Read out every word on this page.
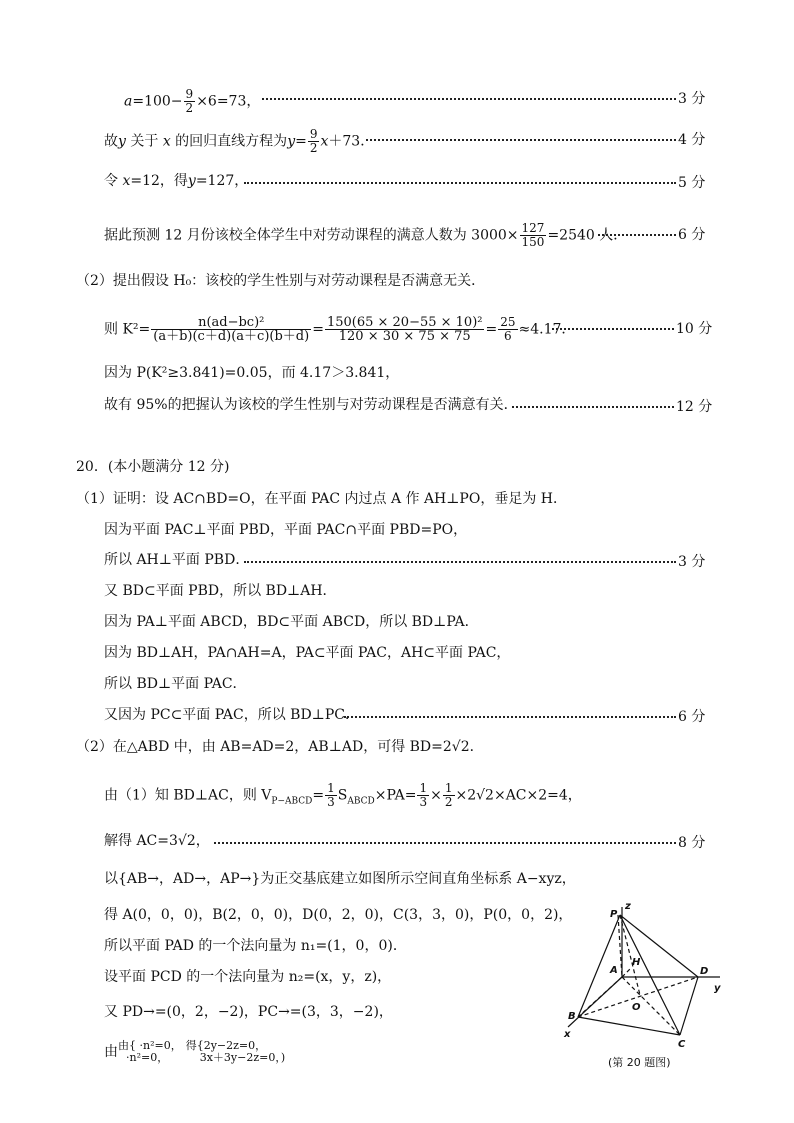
$a=100- \frac{9}{2} \times 6=73$，	3 分
故y 关于 x 的回归直线方程为$y= \frac{9}{2} x+73$．	4 分
令 x=12，得y=127，	5 分
据此预测 12 月份该校全体学生中对劳动课程的满意人数为 $3000\times \frac{127}{150} =2540$ 人．	6 分
（2）提出假设 H₀：该校的学生性别与对劳动课程是否满意无关．
则 $K^2= \frac{\text{n(ad−bc)²}}{(a+b)(c+d)(a+c)(b+d)} = \frac{\text{150(65 × 20−55 × 10)²}}{120 \times 30 \times 75 \times 75} = \frac{25}{6} \approx 4.17$．	10 分
因为 P(K²≥3.841)=0.05，而 4.17＞3.841，
故有 95%的把握认为该校的学生性别与对劳动课程是否满意有关．	12 分
20．(本小题满分 12 分)
（1）证明：设 AC∩BD=O，在平面 PAC 内过点 A 作 AH⊥PO，垂足为 H．
因为平面 PAC⊥平面 PBD，平面 PAC∩平面 PBD=PO，
所以 AH⊥平面 PBD．	3 分
又 BD⊂平面 PBD，所以 BD⊥AH．
因为 PA⊥平面 ABCD，BD⊂平面 ABCD，所以 BD⊥PA．
因为 BD⊥AH，PA∩AH=A，PA⊂平面 PAC，AH⊂平面 PAC，
所以 BD⊥平面 PAC．
又因为 PC⊂平面 PAC，所以 BD⊥PC．	6 分
（2）在△ABD 中，由 AB=AD=2，AB⊥AD，可得 BD=2√2．
由（1）知 BD⊥AC，则 $V_{P-ABCD}= \frac{1}{3} S_{ABCD}\times PA= \frac{1}{3} \times \frac{1}{2} \times 2√2\times AC\times 2=4$，
解得 AC=3√2，	8 分
以{AB→，AD→，AP→}为正交基底建立如图所示空间直角坐标系 A−xyz，
得 A(0，0，0)，B(2，0，0)，D(0，2，0)，C(3，3，0)，P(0，0，2)，
所以平面 PAD 的一个法向量为 n₁=(1，0，0)．
设平面 PCD 的一个法向量为 n₂=(x，y，z)，
又 PD→=(0，2，−2)，PC→=(3，3，−2)，
由 由{ ·n²=0，
·n²=0，
得{2y−2z=0，
3x＋3y−2z=0，)
P
z
A
H
D
y
O
B
C
x
(第 20 题图)
